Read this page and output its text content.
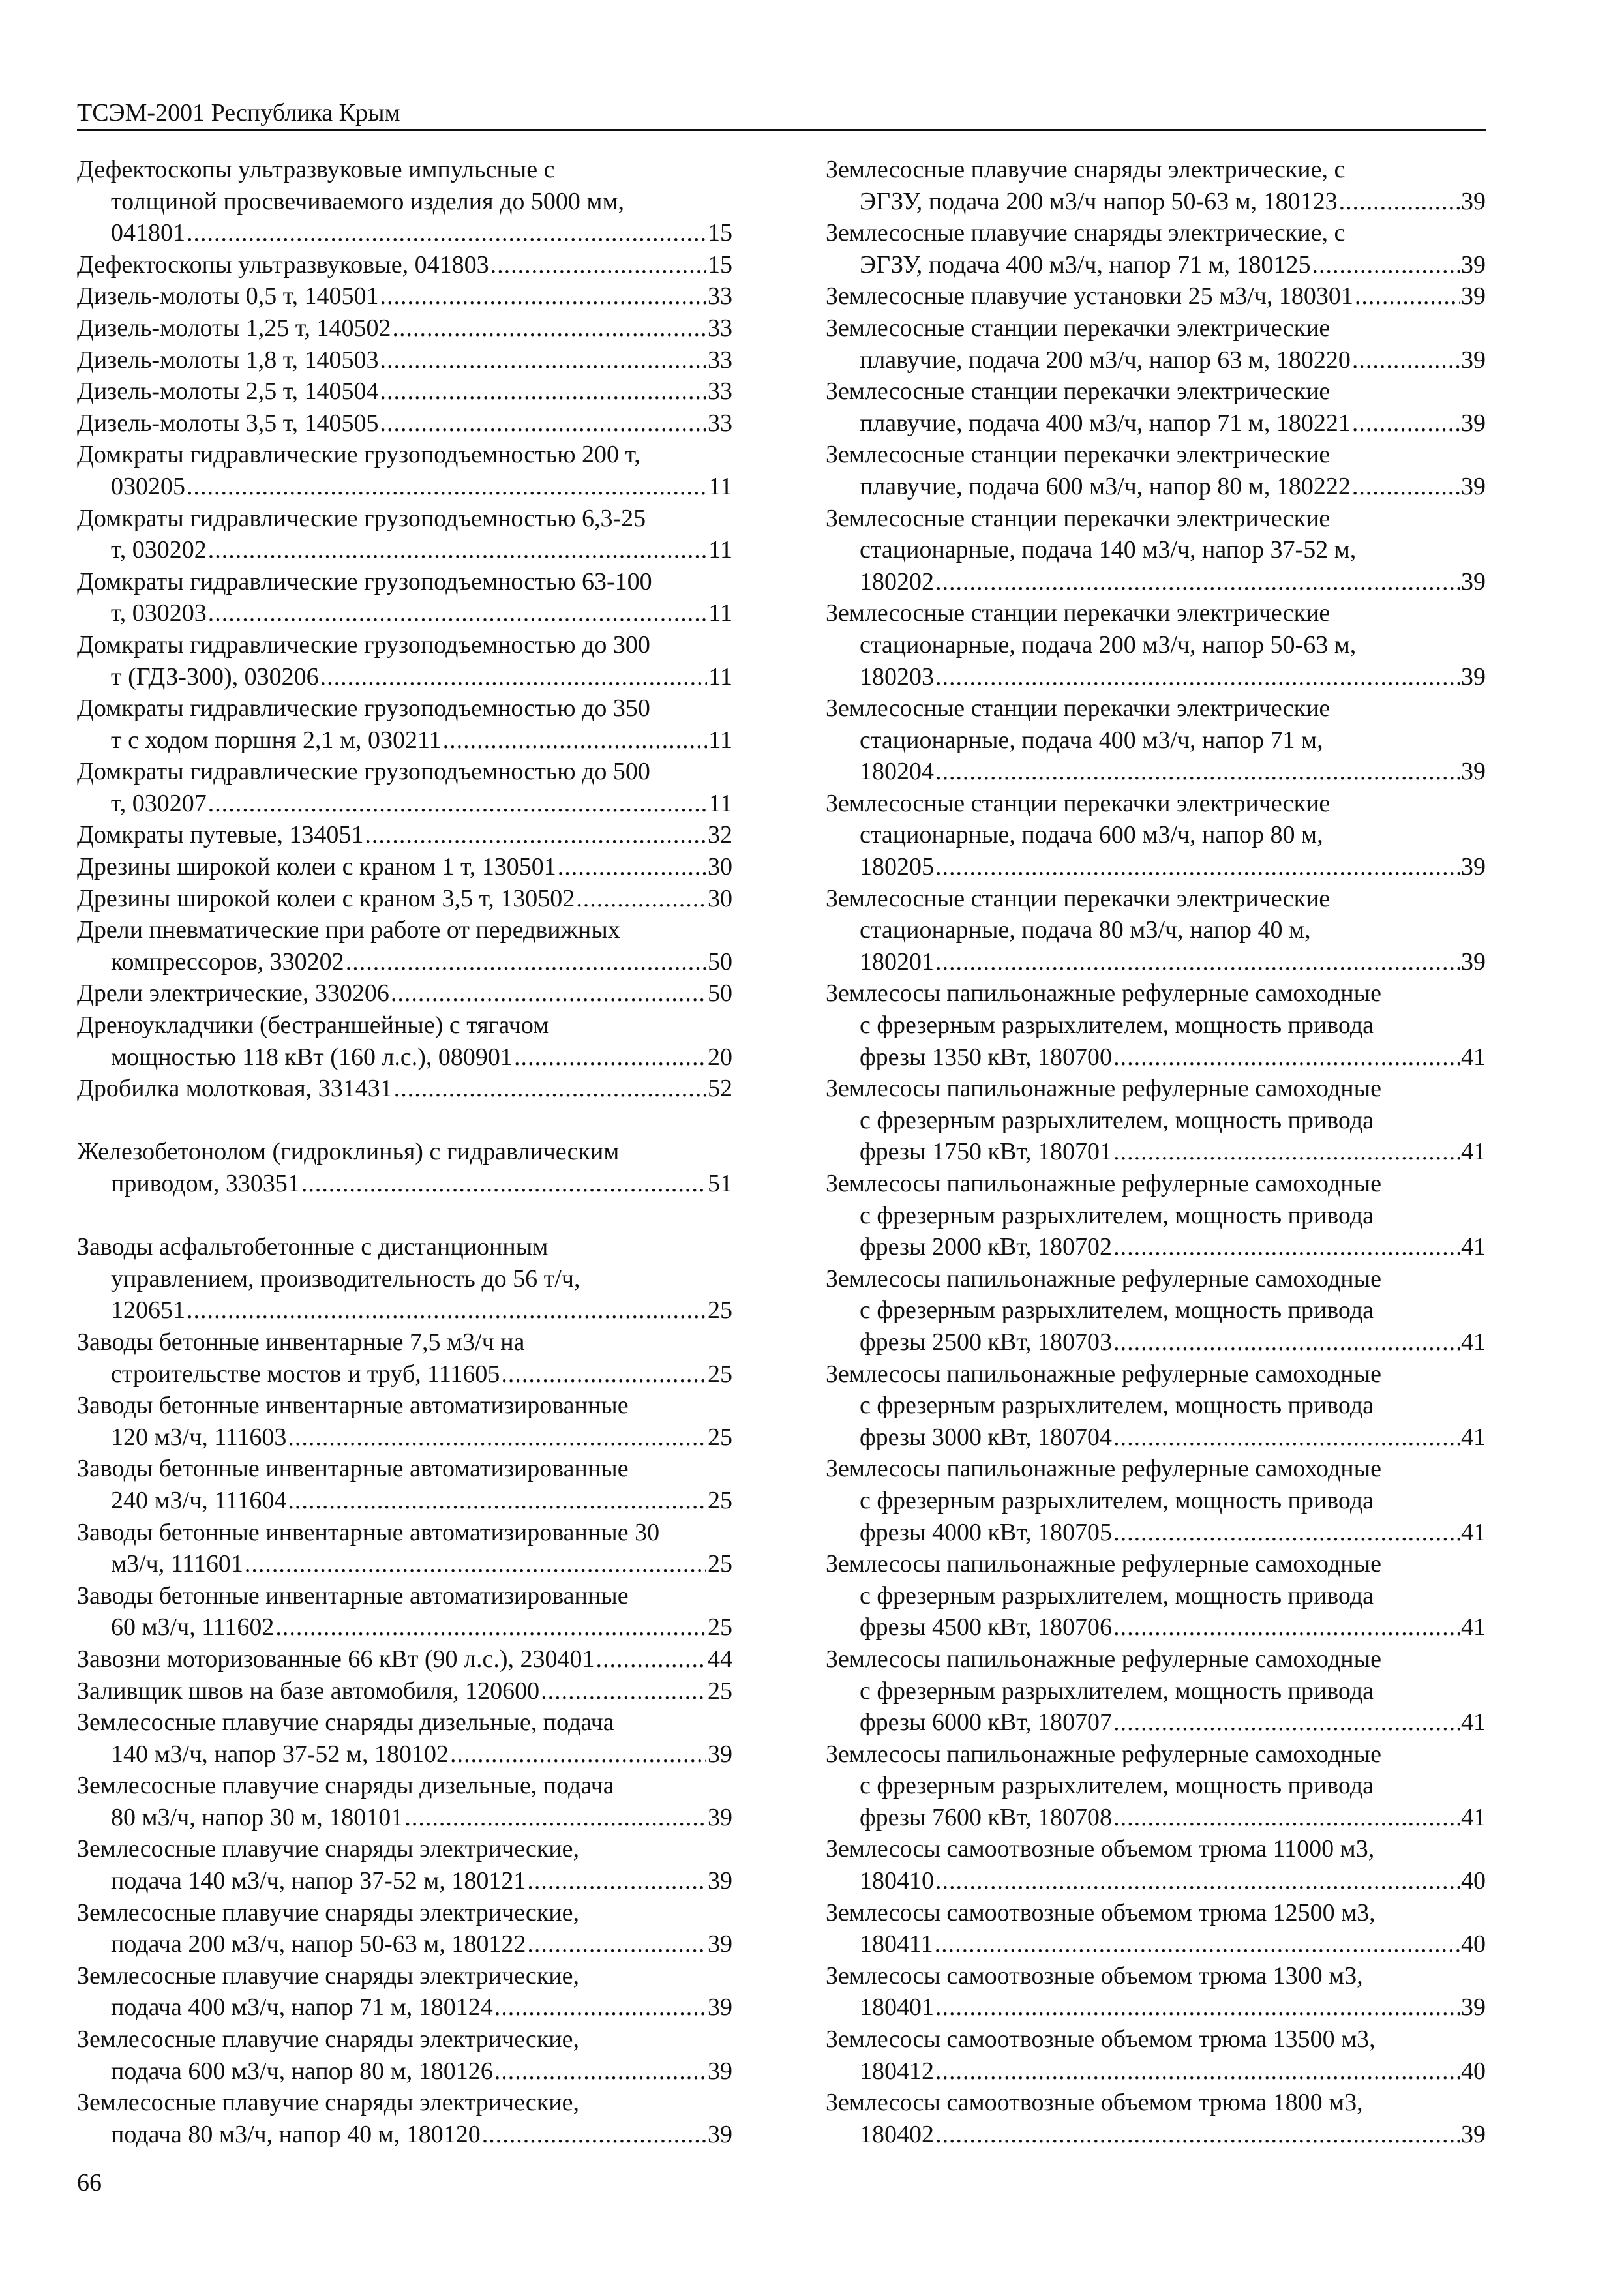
ТСЭМ-2001 Республика Крым
Дефектоскопы ультразвуковые импульсные с
толщиной просвечиваемого изделия до 5000 мм,
041801 .....	15
Дефектоскопы ультразвуковые, 041803 .....	15
Дизель-молоты 0,5 т, 140501 .....	33
Дизель-молоты 1,25 т, 140502 .....	33
Дизель-молоты 1,8 т, 140503 .....	33
Дизель-молоты 2,5 т, 140504 .....	33
Дизель-молоты 3,5 т, 140505 .....	33
Домкраты гидравлические грузоподъемностью 200 т,
030205 .....	11
Домкраты гидравлические грузоподъемностью 6,3-25
т, 030202 .....	11
Домкраты гидравлические грузоподъемностью 63-100
т, 030203 .....	11
Домкраты гидравлические грузоподъемностью до 300
т (ГДЗ-300), 030206 .....	11
Домкраты гидравлические грузоподъемностью до 350
т с ходом поршня 2,1 м, 030211 .....	11
Домкраты гидравлические грузоподъемностью до 500
т, 030207 .....	11
Домкраты путевые, 134051 .....	32
Дрезины широкой колеи с краном 1 т, 130501 .....	30
Дрезины широкой колеи с краном 3,5 т, 130502 .....	30
Дрели пневматические при работе от передвижных
компрессоров, 330202 .....	50
Дрели электрические, 330206 .....	50
Дреноукладчики (бестраншейные) с тягачом
мощностью 118 кВт (160 л.с.), 080901 .....	20
Дробилка молотковая, 331431 .....	52
Железобетонолом (гидроклинья) с гидравлическим
приводом, 330351 .....	51
Заводы асфальтобетонные с дистанционным
управлением, производительность до 56 т/ч,
120651 .....	25
Заводы бетонные инвентарные 7,5 м3/ч на
строительстве мостов и труб, 111605 .....	25
Заводы бетонные инвентарные автоматизированные
120 м3/ч, 111603 .....	25
Заводы бетонные инвентарные автоматизированные
240 м3/ч, 111604 .....	25
Заводы бетонные инвентарные автоматизированные 30
м3/ч, 111601 .....	25
Заводы бетонные инвентарные автоматизированные
60 м3/ч, 111602 .....	25
Завозни моторизованные 66 кВт (90 л.с.), 230401 .....	44
Заливщик швов на базе автомобиля, 120600 .....	25
Землесосные плавучие снаряды дизельные, подача
140 м3/ч, напор 37-52 м, 180102 .....	39
Землесосные плавучие снаряды дизельные, подача
80 м3/ч, напор 30 м, 180101 .....	39
Землесосные плавучие снаряды электрические,
подача 140 м3/ч, напор 37-52 м, 180121 .....	39
Землесосные плавучие снаряды электрические,
подача 200 м3/ч, напор 50-63 м, 180122 .....	39
Землесосные плавучие снаряды электрические,
подача 400 м3/ч, напор 71 м, 180124 .....	39
Землесосные плавучие снаряды электрические,
подача 600 м3/ч, напор 80 м, 180126 .....	39
Землесосные плавучие снаряды электрические,
подача 80 м3/ч, напор 40 м, 180120 .....	39
Землесосные плавучие снаряды электрические, с
ЭГЗУ, подача 200 м3/ч напор 50-63 м, 180123 .....	39
Землесосные плавучие снаряды электрические, с
ЭГЗУ, подача 400 м3/ч, напор 71 м, 180125 .....	39
Землесосные плавучие установки 25 м3/ч, 180301 .....	39
Землесосные станции перекачки электрические
плавучие, подача 200 м3/ч, напор 63 м, 180220 .....	39
Землесосные станции перекачки электрические
плавучие, подача 400 м3/ч, напор 71 м, 180221 .....	39
Землесосные станции перекачки электрические
плавучие, подача 600 м3/ч, напор 80 м, 180222 .....	39
Землесосные станции перекачки электрические
стационарные, подача 140 м3/ч, напор 37-52 м,
180202 .....	39
Землесосные станции перекачки электрические
стационарные, подача 200 м3/ч, напор 50-63 м,
180203 .....	39
Землесосные станции перекачки электрические
стационарные, подача 400 м3/ч, напор 71 м,
180204 .....	39
Землесосные станции перекачки электрические
стационарные, подача 600 м3/ч, напор 80 м,
180205 .....	39
Землесосные станции перекачки электрические
стационарные, подача 80 м3/ч, напор 40 м,
180201 .....	39
Землесосы папильонажные рефулерные самоходные
с фрезерным разрыхлителем, мощность привода
фрезы 1350 кВт, 180700 .....	41
Землесосы папильонажные рефулерные самоходные
с фрезерным разрыхлителем, мощность привода
фрезы 1750 кВт, 180701 .....	41
Землесосы папильонажные рефулерные самоходные
с фрезерным разрыхлителем, мощность привода
фрезы 2000 кВт, 180702 .....	41
Землесосы папильонажные рефулерные самоходные
с фрезерным разрыхлителем, мощность привода
фрезы 2500 кВт, 180703 .....	41
Землесосы папильонажные рефулерные самоходные
с фрезерным разрыхлителем, мощность привода
фрезы 3000 кВт, 180704 .....	41
Землесосы папильонажные рефулерные самоходные
с фрезерным разрыхлителем, мощность привода
фрезы 4000 кВт, 180705 .....	41
Землесосы папильонажные рефулерные самоходные
с фрезерным разрыхлителем, мощность привода
фрезы 4500 кВт, 180706 .....	41
Землесосы папильонажные рефулерные самоходные
с фрезерным разрыхлителем, мощность привода
фрезы 6000 кВт, 180707 .....	41
Землесосы папильонажные рефулерные самоходные
с фрезерным разрыхлителем, мощность привода
фрезы 7600 кВт, 180708 .....	41
Землесосы самоотвозные объемом трюма 11000 м3,
180410 .....	40
Землесосы самоотвозные объемом трюма 12500 м3,
180411 .....	40
Землесосы самоотвозные объемом трюма 1300 м3,
180401 .....	39
Землесосы самоотвозные объемом трюма 13500 м3,
180412 .....	40
Землесосы самоотвозные объемом трюма 1800 м3,
180402 .....	39
66
